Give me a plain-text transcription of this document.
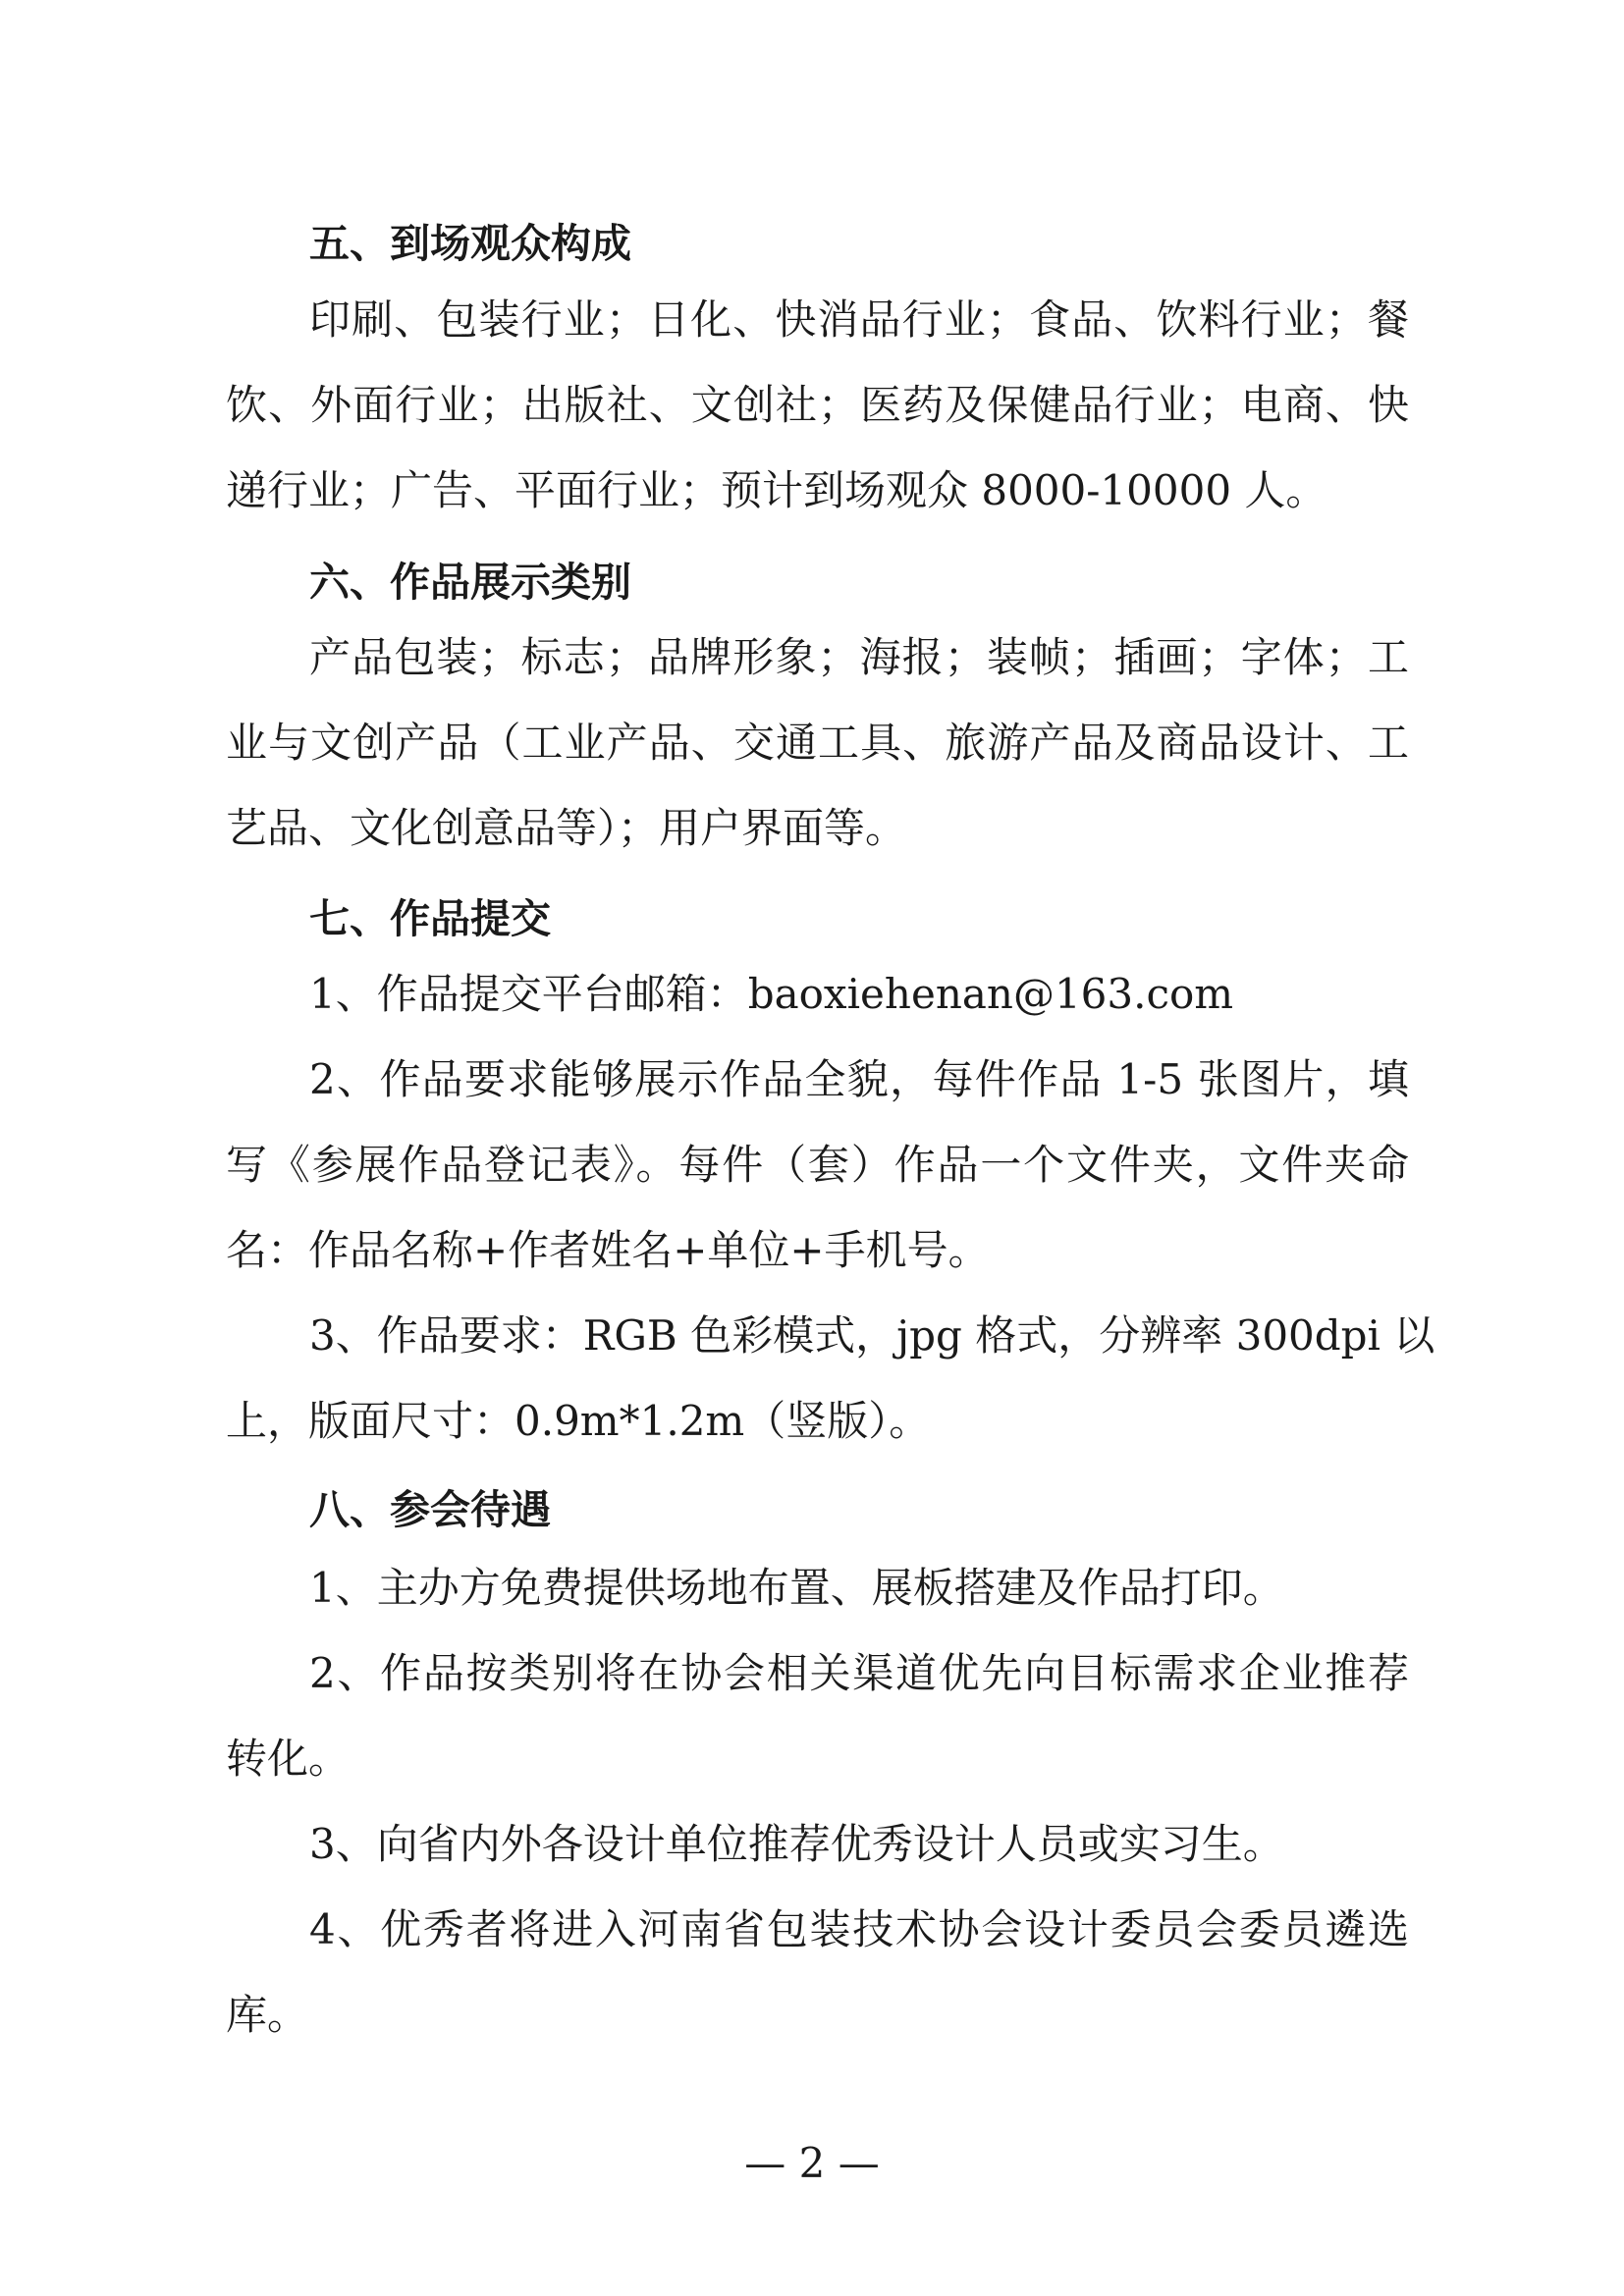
五、到场观众构成
印刷、包装行业；日化、快消品行业；食品、饮料行业；餐
饮、外面行业；出版社、文创社；医药及保健品行业；电商、快
递行业；广告、平面行业；预计到场观众 8000-10000 人。
六、作品展示类别
产品包装；标志；品牌形象；海报；装帧；插画；字体；工
业与文创产品（工业产品、交通工具、旅游产品及商品设计、工
艺品、文化创意品等）；用户界面等。
七、作品提交
1、作品提交平台邮箱：baoxiehenan@163.com
2、作品要求能够展示作品全貌，每件作品 1-5 张图片，填
写《参展作品登记表》。每件（套）作品一个文件夹，文件夹命
名：作品名称+作者姓名+单位+手机号。
3、作品要求：RGB 色彩模式，jpg 格式，分辨率 300dpi 以
上，版面尺寸：0.9m*1.2m（竖版）。
八、参会待遇
1、主办方免费提供场地布置、展板搭建及作品打印。
2、作品按类别将在协会相关渠道优先向目标需求企业推荐
转化。
3、向省内外各设计单位推荐优秀设计人员或实习生。
4、优秀者将进入河南省包装技术协会设计委员会委员遴选
库。
— 2 —
